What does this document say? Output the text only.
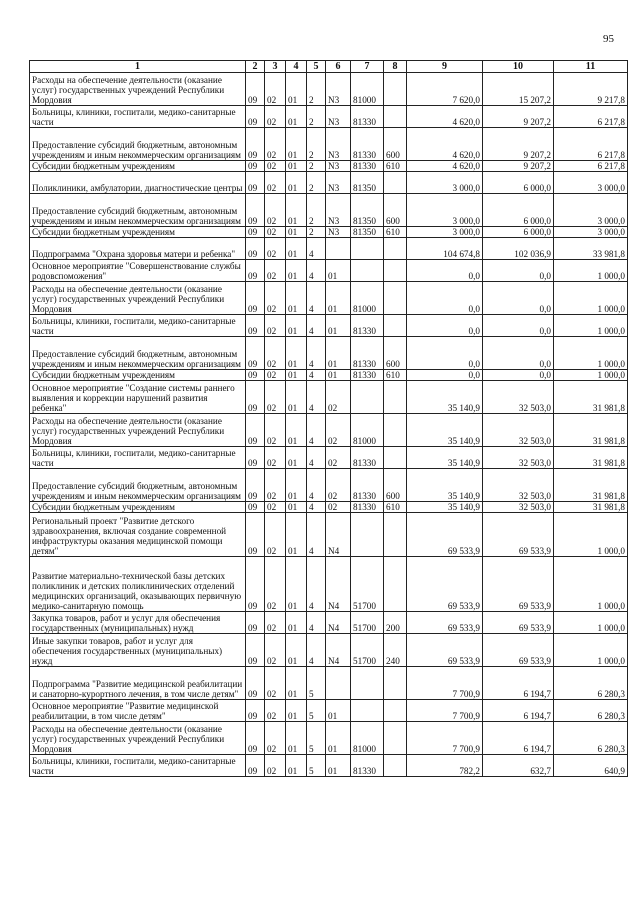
95
1	2	3	4	5	6	7	8	9	10	11
Расходы на обеспечение деятельности (оказание услуг) государственных учреждений Республики Мордовия	09	02	01	2	N3	81000		7 620,0	15 207,2	9 217,8
Больницы, клиники, госпитали, медико-санитарные части	09	02	01	2	N3	81330		4 620,0	9 207,2	6 217,8
Предоставление субсидий бюджетным, автономным учреждениям и иным некоммерческим организациям	09	02	01	2	N3	81330	600	4 620,0	9 207,2	6 217,8
Субсидии бюджетным учреждениям	09	02	01	2	N3	81330	610	4 620,0	9 207,2	6 217,8
Поликлиники, амбулатории, диагностические центры	09	02	01	2	N3	81350		3 000,0	6 000,0	3 000,0
Предоставление субсидий бюджетным, автономным учреждениям и иным некоммерческим организациям	09	02	01	2	N3	81350	600	3 000,0	6 000,0	3 000,0
Субсидии бюджетным учреждениям	09	02	01	2	N3	81350	610	3 000,0	6 000,0	3 000,0
Подпрограмма "Охрана здоровья матери и ребенка"	09	02	01	4				104 674,8	102 036,9	33 981,8
Основное мероприятие "Совершенствование службы родовспоможения"	09	02	01	4	01			0,0	0,0	1 000,0
Расходы на обеспечение деятельности (оказание услуг) государственных учреждений Республики Мордовия	09	02	01	4	01	81000		0,0	0,0	1 000,0
Больницы, клиники, госпитали, медико-санитарные части	09	02	01	4	01	81330		0,0	0,0	1 000,0
Предоставление субсидий бюджетным, автономным учреждениям и иным некоммерческим организациям	09	02	01	4	01	81330	600	0,0	0,0	1 000,0
Субсидии бюджетным учреждениям	09	02	01	4	01	81330	610	0,0	0,0	1 000,0
Основное мероприятие "Создание системы раннего выявления и коррекции нарушений развития ребенка"	09	02	01	4	02			35 140,9	32 503,0	31 981,8
Расходы на обеспечение деятельности (оказание услуг) государственных учреждений Республики Мордовия	09	02	01	4	02	81000		35 140,9	32 503,0	31 981,8
Больницы, клиники, госпитали, медико-санитарные части	09	02	01	4	02	81330		35 140,9	32 503,0	31 981,8
Предоставление субсидий бюджетным, автономным учреждениям и иным некоммерческим организациям	09	02	01	4	02	81330	600	35 140,9	32 503,0	31 981,8
Субсидии бюджетным учреждениям	09	02	01	4	02	81330	610	35 140,9	32 503,0	31 981,8
Региональный проект "Развитие детского здравоохранения, включая создание современной инфраструктуры оказания медицинской помощи детям"	09	02	01	4	N4			69 533,9	69 533,9	1 000,0
Развитие материально-технической базы детских поликлиник и детских поликлинических отделений медицинских организаций, оказывающих первичную медико-санитарную помощь	09	02	01	4	N4	51700		69 533,9	69 533,9	1 000,0
Закупка товаров, работ и услуг для обеспечения государственных (муниципальных) нужд	09	02	01	4	N4	51700	200	69 533,9	69 533,9	1 000,0
Иные закупки товаров, работ и услуг для обеспечения государственных (муниципальных) нужд	09	02	01	4	N4	51700	240	69 533,9	69 533,9	1 000,0
Подпрограмма "Развитие медицинской реабилитации и санаторно-курортного лечения, в том числе детям"	09	02	01	5				7 700,9	6 194,7	6 280,3
Основное мероприятие "Развитие медицинской реабилитации, в том числе детям"	09	02	01	5	01			7 700,9	6 194,7	6 280,3
Расходы на обеспечение деятельности (оказание услуг) государственных учреждений Республики Мордовия	09	02	01	5	01	81000		7 700,9	6 194,7	6 280,3
Больницы, клиники, госпитали, медико-санитарные части	09	02	01	5	01	81330		782,2	632,7	640,9
